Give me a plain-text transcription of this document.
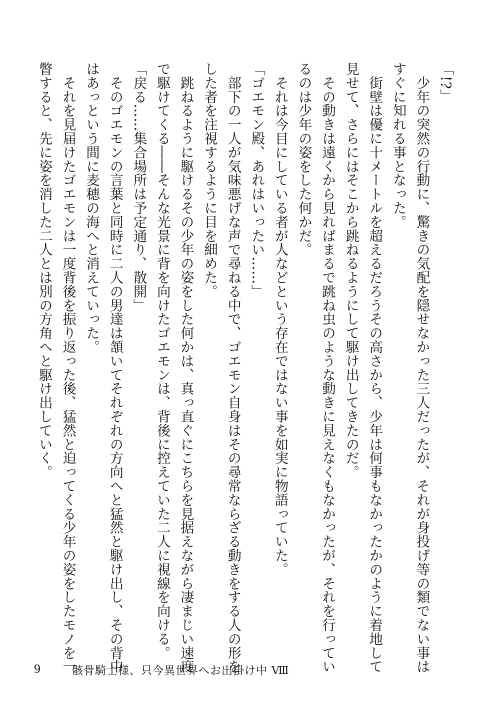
「!?」
　少年の突然の行動に、驚きの気配を隠せなかった三人だったが、それが身投げ等の類でない事は
すぐに知れる事となった。
　街壁は優に十メートルを超えるだろうその高さから、少年は何事もなかったかのように着地して
見せて、さらにはそこから跳ねるようにして駆け出してきたのだ。
　その動きは遠くから見ればまるで跳ね虫のような動きに見えなくもなかったが、それを行ってい
るのは少年の姿をした何かだ。
　それは今目にしている者が人などという存在ではない事を如実に物語っていた。
「ゴエモン殿、あれはいったい……」
　部下の一人が気味悪げな声で尋ねる中で、ゴエモン自身はその尋常ならざる動きをする人の形を
した者を注視するように目を細めた。
　跳ねるように駆けるその少年の姿をした何かは、真っ直ぐにこちらを見据えながら凄まじい速度
で駆けてくる――そんな光景に背を向けたゴエモンは、背後に控えていた二人に視線を向ける。
「戻る……集合場所は予定通り、散開」
　そのゴエモンの言葉と同時に二人の男達は頷いてそれぞれの方向へと猛然と駆け出し、その背中
はあっという間に麦穂の海へと消えていった。
　それを見届けたゴエモンは一度背後を振り返った後、猛然と迫ってくる少年の姿をしたモノを一
瞥すると、先に姿を消した二人とは別の方角へと駆け出していく。
9	骸骨騎士様、只今異世界へお出掛け中 Ⅷ
